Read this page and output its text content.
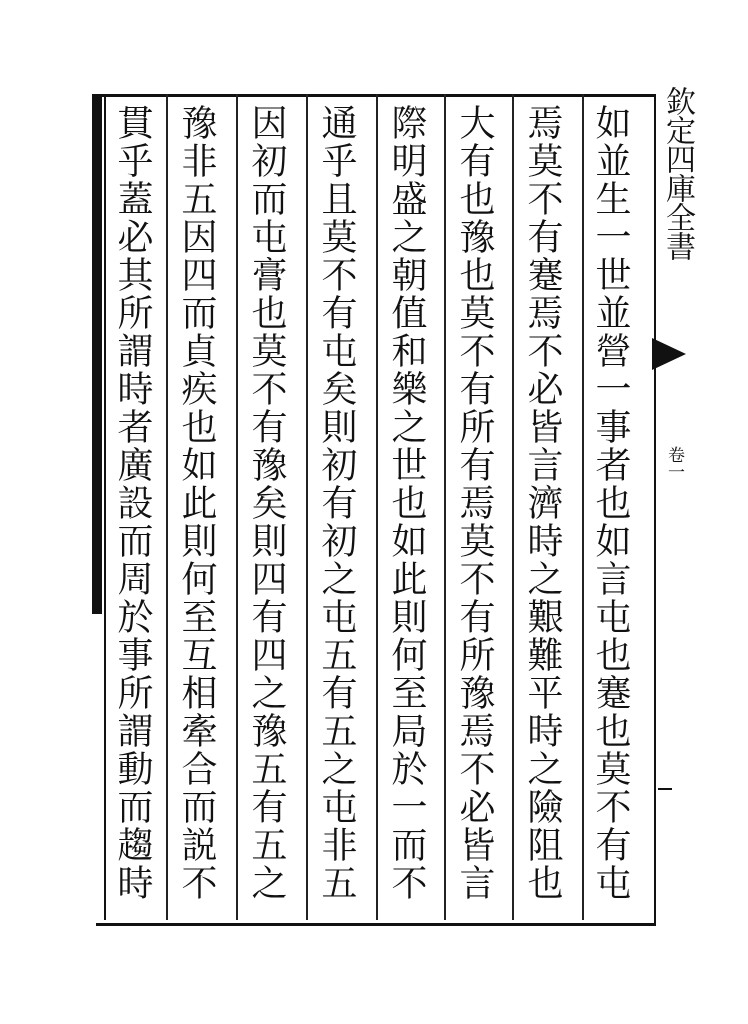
如並生一世並營一事者也如言屯也蹇也莫不有屯
焉莫不有蹇焉不必皆言濟時之艱難平時之險阻也
大有也豫也莫不有所有焉莫不有所豫焉不必皆言
際明盛之朝值和樂之世也如此則何至局於一而不
通乎且莫不有屯矣則初有初之屯五有五之屯非五
因初而屯膏也莫不有豫矣則四有四之豫五有五之
豫非五因四而貞疾也如此則何至互相牽合而説不
貫乎蓋必其所謂時者廣設而周於事所謂動而趨時	欽定四庫全書
卷一
